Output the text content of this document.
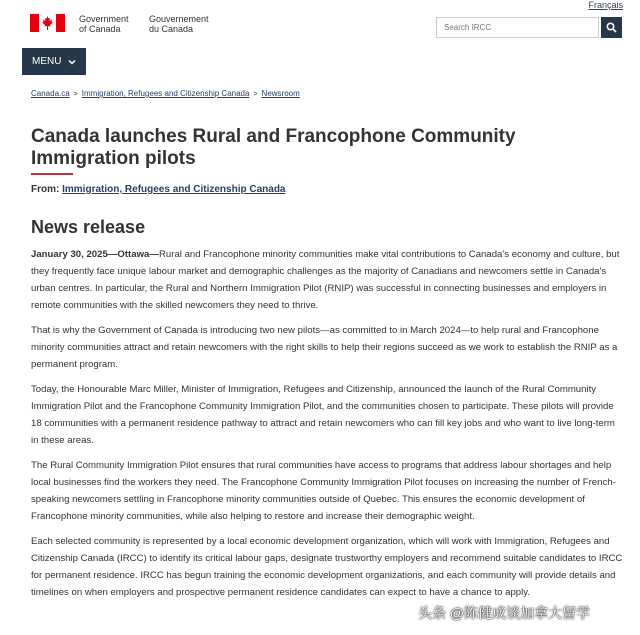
Français
Government
of Canada
Gouvernement
du Canada
Search IRCC
MENU
Canada.ca > Immigration, Refugees and Citizenship Canada > Newsroom
Canada launches Rural and Francophone Community Immigration pilots
From: Immigration, Refugees and Citizenship Canada
News release

January 30, 2025—Ottawa—Rural and Francophone minority communities make vital contributions to Canada's economy and culture, but they frequently face unique labour market and demographic challenges as the majority of Canadians and newcomers settle in Canada's urban centres. In particular, the Rural and Northern Immigration Pilot (RNIP) was successful in connecting businesses and employers in remote communities with the skilled newcomers they need to thrive.

That is why the Government of Canada is introducing two new pilots—as committed to in March 2024—to help rural and Francophone minority communities attract and retain newcomers with the right skills to help their regions succeed as we work to establish the RNIP as a permanent program.

Today, the Honourable Marc Miller, Minister of Immigration, Refugees and Citizenship, announced the launch of the Rural Community Immigration Pilot and the Francophone Community Immigration Pilot, and the communities chosen to participate. These pilots will provide 18 communities with a permanent residence pathway to attract and retain newcomers who can fill key jobs and who want to live long-term in these areas.

The Rural Community Immigration Pilot ensures that rural communities have access to programs that address labour shortages and help local businesses find the workers they need. The Francophone Community Immigration Pilot focuses on increasing the number of French-speaking newcomers settling in Francophone minority communities outside of Quebec. This ensures the economic development of Francophone minority communities, while also helping to restore and increase their demographic weight.

Each selected community is represented by a local economic development organization, which will work with Immigration, Refugees and Citizenship Canada (IRCC) to identify its critical labour gaps, designate trustworthy employers and recommend suitable candidates to IRCC for permanent residence. IRCC has begun training the economic development organizations, and each community will provide details and timelines on when employers and prospective permanent residence candidates can expect to have a chance to apply.

头条 @陈健成谈加拿大留学
